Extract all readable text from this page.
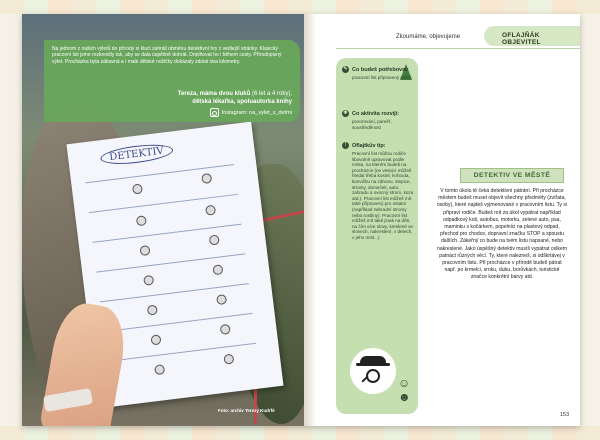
DETEKTIV
Na jednom z našich výletů do přírody si kluci zahráli obměnu detektivní hry z vedlejší stránky. Klasický pracovní list jsme rozkreslily tak, aby se dala úspěšně dohrát. Doplňovat ho i během cesty. Přírodopisný výlet. Procházka byla zábavná a i malé dětské nožičky dokázaly zdolat dva kilometry.
Tereza, máma dvou kluků (6 let a 4 roky),
dětská lékařka, spoluautorka knihy
Instagram: na_vylet_s_detmi
Foto: archiv Terezy Kudrfé
Zkoumáme, objevujeme	OFLAJŇÁK OBJEVITEL
✎ Co budeš potřebovat:
pracovní list připravený rodiči
✱ Co aktivita rozvíjí:
pozorování, paměť, soustředěnost
!	Oflajtkův tip:
Pracovní list můžou rodiče libovolně upravovat podle místa, na kterém budeš na procházce (ne vesnici můžeš hledat třeba kostel, kohouta, konvičku na záhonu, slepice, stromy, domeček, auto, zahradu a ovocný strom, kozu atd.). Pracovní list můžeš mít také připravený pro ostatní (například zahradní stromy nebo rostliny). Pracovní list můžeš mít také jinak na děti, na čím více slovy, kreslené ve slovech, nakreslení, v detech, v jeho míst...)
☺☻
DETEKTIV VE MĚSTĚ
V tomto úkolu tě čeká detektivní pátrání. Při procházce městem budeš muset objevit všechny předměty (zvířata, osoby), které najdeš vyjmenované v pracovním listu. Ty si připraví rodiče. Budeš mít za úkol vypátrat například odpadkový koš, autobus, motorku, zelené auto, psa, maminku s kočárkem, popelnici na plastový odpad, přechod pro chodce, dopravní značku STOP a spoustu dalších. Zákeřný co bude na tvém listu napsané, nebo nakreslené. Jako úspěšný detektiv musíš vypátrat celkem patnáct různých věcí. Ty, které nalezneš, si odškrtávej v pracovním listu. Při procházce v přírodě budeš pátrat např. po krmelci, srnku, dubu, borůvkách, turistické značce konkrétní barvy atd.
153
